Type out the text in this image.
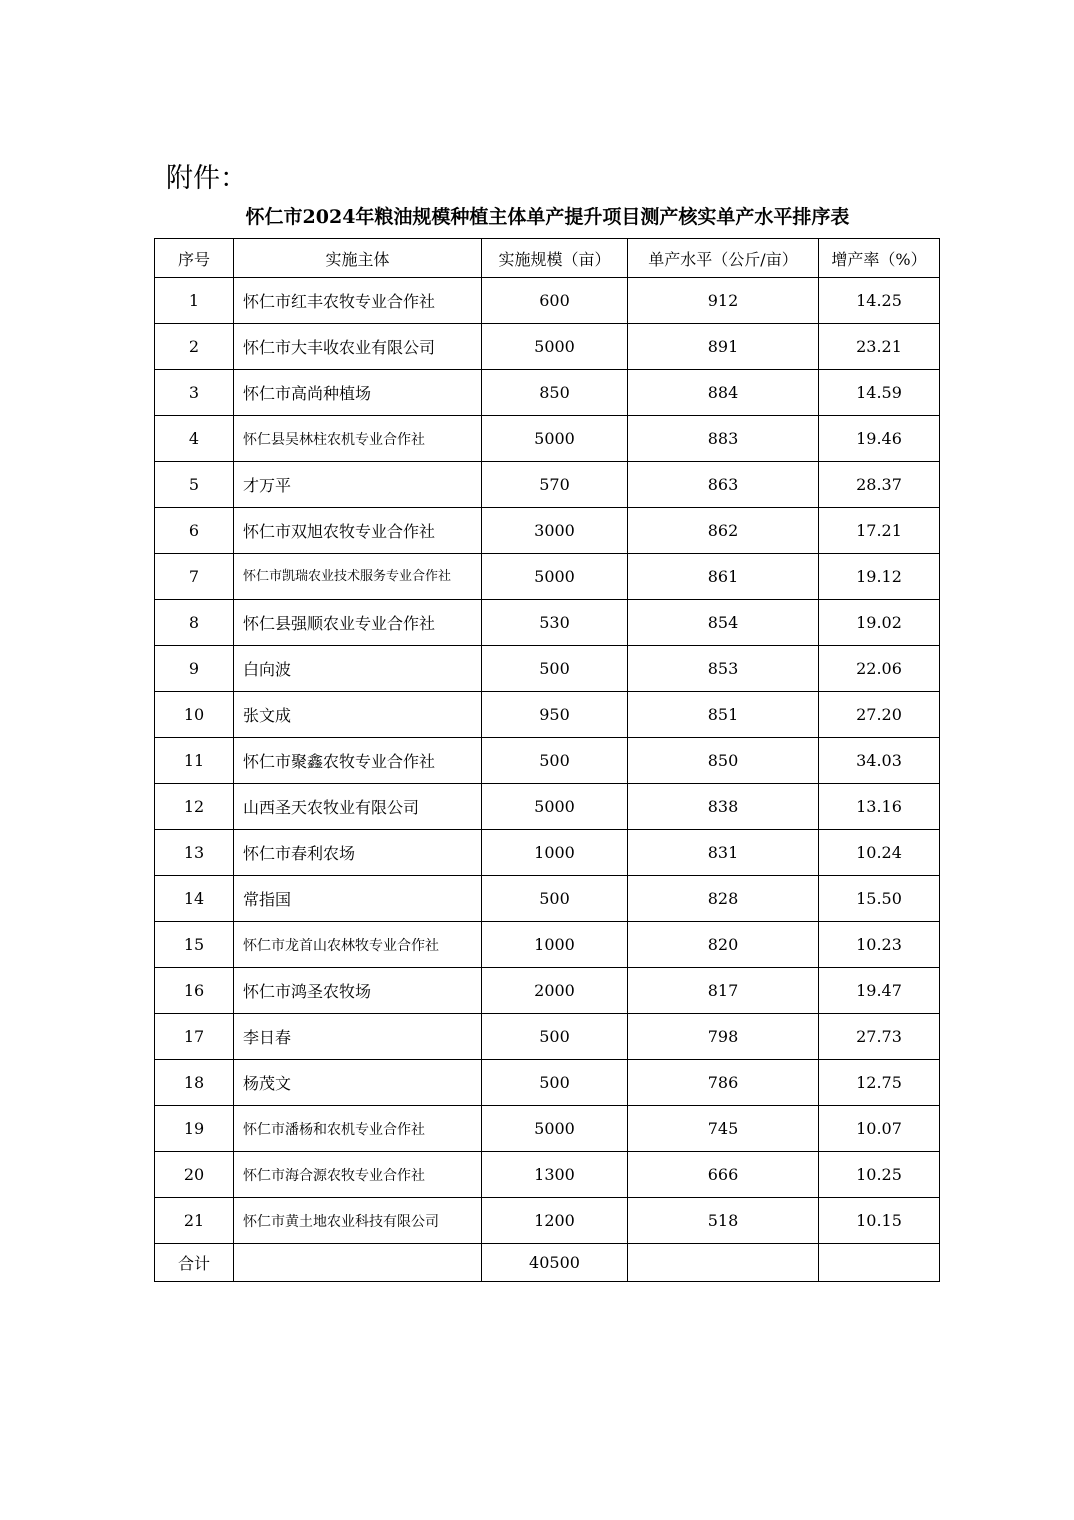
附件：
怀仁市2024年粮油规模种植主体单产提升项目测产核实单产水平排序表
序号	实施主体	实施规模（亩）	单产水平（公斤/亩）	增产率（%）
1	怀仁市红丰农牧专业合作社	600	912	14.25
2	怀仁市大丰收农业有限公司	5000	891	23.21
3	怀仁市高尚种植场	850	884	14.59
4	怀仁县吴林柱农机专业合作社	5000	883	19.46
5	才万平	570	863	28.37
6	怀仁市双旭农牧专业合作社	3000	862	17.21
7	怀仁市凯瑞农业技术服务专业合作社	5000	861	19.12
8	怀仁县强顺农业专业合作社	530	854	19.02
9	白向波	500	853	22.06
10	张文成	950	851	27.20
11	怀仁市聚鑫农牧专业合作社	500	850	34.03
12	山西圣天农牧业有限公司	5000	838	13.16
13	怀仁市春利农场	1000	831	10.24
14	常指国	500	828	15.50
15	怀仁市龙首山农林牧专业合作社	1000	820	10.23
16	怀仁市鸿圣农牧场	2000	817	19.47
17	李日春	500	798	27.73
18	杨茂文	500	786	12.75
19	怀仁市潘杨和农机专业合作社	5000	745	10.07
20	怀仁市海合源农牧专业合作社	1300	666	10.25
21	怀仁市黄土地农业科技有限公司	1200	518	10.15
合计		40500		
